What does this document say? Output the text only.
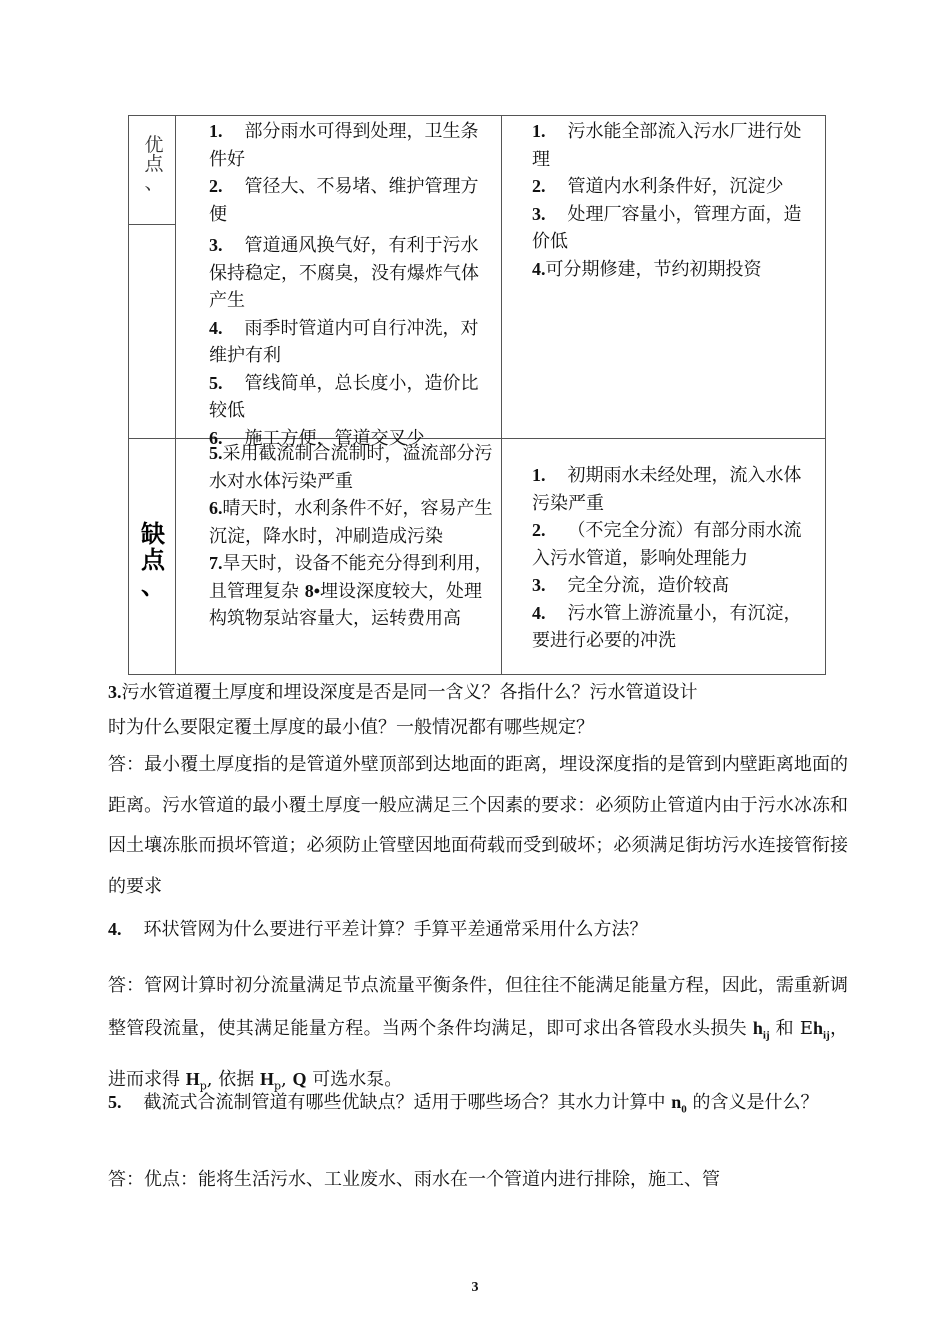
优
点
、
缺
点
、

1. 部分雨水可得到处理，卫生条件好

2. 管径大、不易堵、维护管理方便

3. 管道通风换气好，有利于污水保持稳定，不腐臭，没有爆炸气体产生

4. 雨季时管道内可自行冲洗，对维护有利

5. 管线简单，总长度小，造价比较低

6. 施工方便，管道交叉少

1. 污水能全部流入污水厂进行处理

2. 管道内水利条件好，沉淀少

3. 处理厂容量小，管理方面，造价低

4.可分期修建，节约初期投资

5.采用截流制合流制时，溢流部分污水对水体污染严重

6.晴天时，水利条件不好，容易产生沉淀，降水时，冲刷造成污染

7.旱天时，设备不能充分得到利用，且管理复杂 8•埋设深度较大，处理构筑物泵站容量大，运转费用高

1. 初期雨水未经处理，流入水体污染严重

2. （不完全分流）有部分雨水流入污水管道，影响处理能力

3. 完全分流，造价较髙

4. 污水管上游流量小，有沉淀，要进行必要的冲洗

3.污水管道覆土厚度和埋设深度是否是同一含义？各指什么？污水管道设计

时为什么要限定覆土厚度的最小值？一般情况都有哪些规定？

答：最小覆土厚度指的是管道外壁顶部到达地面的距离，埋设深度指的是管到内壁距离地面的距离。污水管道的最小覆土厚度一般应满足三个因素的要求：必须防止管道内由于污水冰冻和因土壤冻胀而损坏管道；必须防止管壁因地面荷载而受到破坏；必须满足街坊污水连接管衔接的要求

4. 环状管网为什么要进行平差计算？手算平差通常采用什么方法？

答：管网计算时初分流量满足节点流量平衡条件，但往往不能满足能量方程，因此，需重新调整管段流量，使其满足能量方程。当两个条件均满足，即可求出各管段水头损失 $h_{ij}$ 和 $Eh_{ij}$， 进而求得 $H_p$, 依据 $H_p$, Q 可选水泵。

5. 截流式合流制管道有哪些优缺点？适用于哪些场合？其水力计算中 $n_0$ 的含义是什么？

答：优点：能将生活污水、工业废水、雨水在一个管道内进行排除，施工、管

3
